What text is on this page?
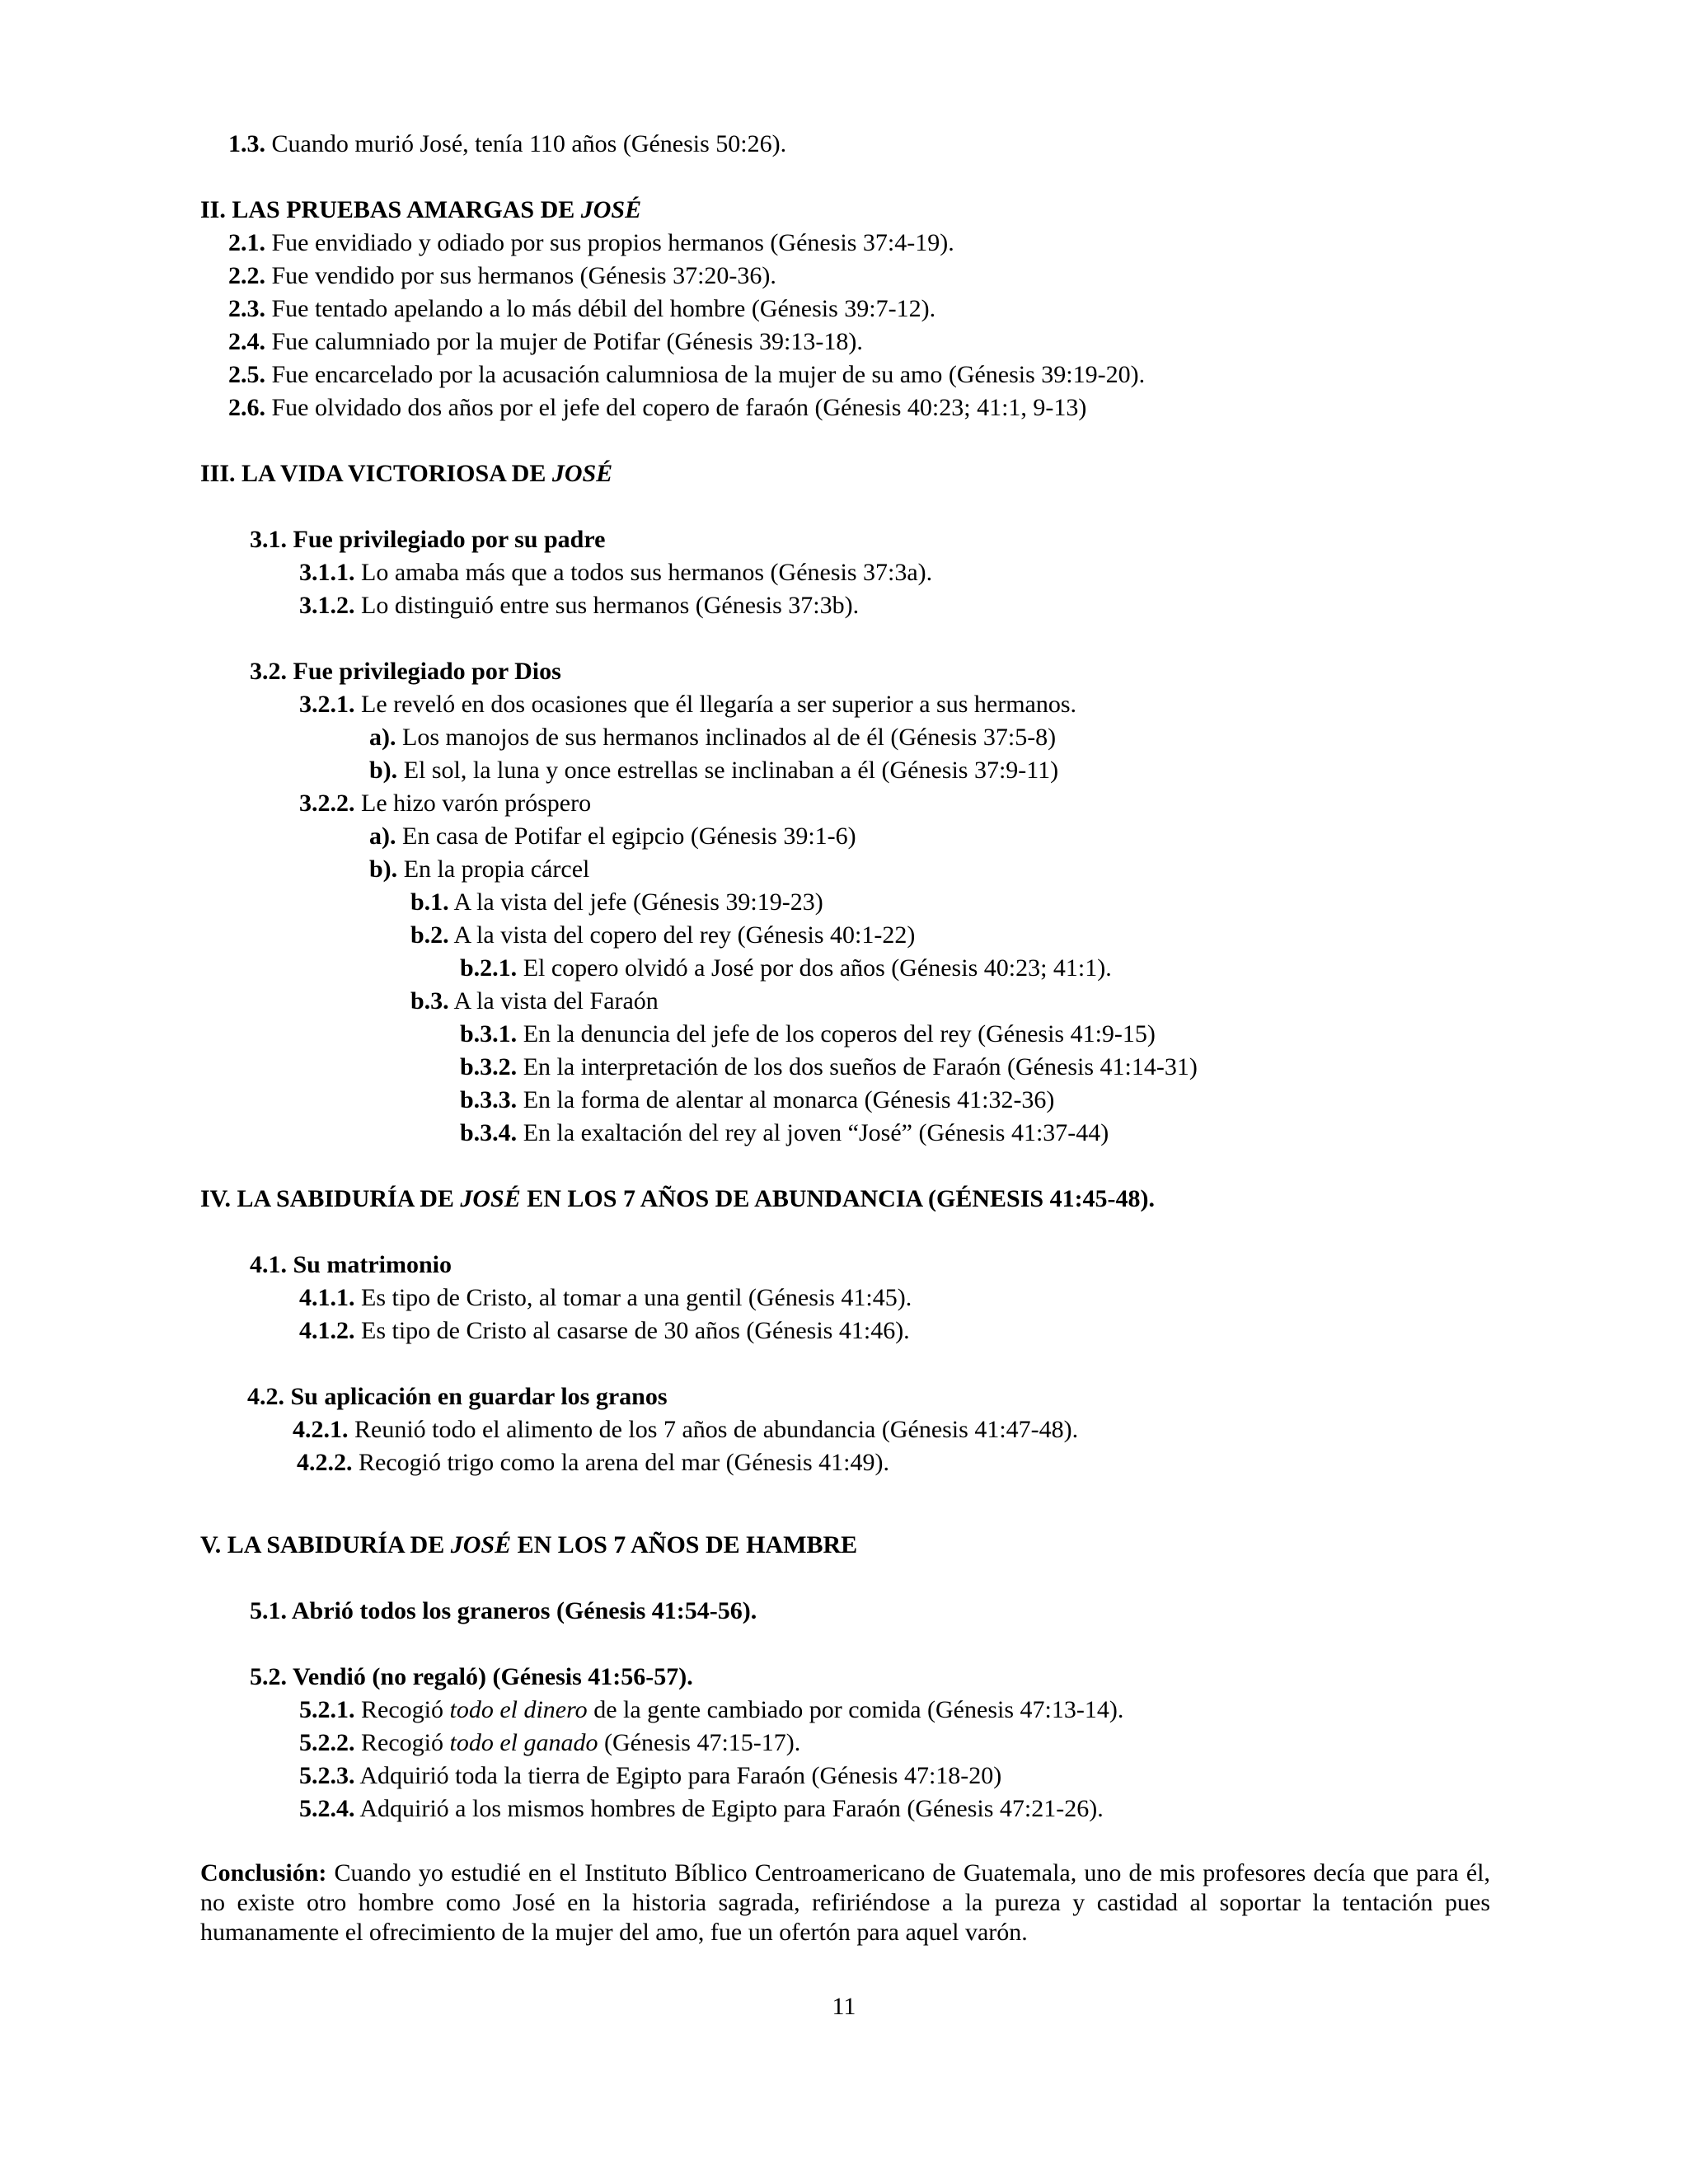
1.3. Cuando murió José, tenía 110 años (Génesis 50:26).
II. LAS PRUEBAS AMARGAS DE JOSÉ
2.1. Fue envidiado y odiado por sus propios hermanos (Génesis 37:4-19).
2.2. Fue vendido por sus hermanos (Génesis 37:20-36).
2.3. Fue tentado apelando a lo más débil del hombre (Génesis 39:7-12).
2.4. Fue calumniado por la mujer de Potifar (Génesis 39:13-18).
2.5. Fue encarcelado por la acusación calumniosa de la mujer de su amo (Génesis 39:19-20).
2.6. Fue olvidado dos años por el jefe del copero de faraón (Génesis 40:23; 41:1, 9-13)
III. LA VIDA VICTORIOSA DE JOSÉ
3.1. Fue privilegiado por su padre
3.1.1. Lo amaba más que a todos sus hermanos (Génesis 37:3a).
3.1.2. Lo distinguió entre sus hermanos (Génesis 37:3b).
3.2. Fue privilegiado por Dios
3.2.1. Le reveló en dos ocasiones que él llegaría a ser superior a sus hermanos.
a). Los manojos de sus hermanos inclinados al de él (Génesis 37:5-8)
b). El sol, la luna y once estrellas se inclinaban a él (Génesis 37:9-11)
3.2.2. Le hizo varón próspero
a). En casa de Potifar el egipcio (Génesis 39:1-6)
b). En la propia cárcel
b.1. A la vista del jefe (Génesis 39:19-23)
b.2. A la vista del copero del rey (Génesis 40:1-22)
b.2.1. El copero olvidó a José por dos años (Génesis 40:23; 41:1).
b.3. A la vista del Faraón
b.3.1. En la denuncia del jefe de los coperos del rey (Génesis 41:9-15)
b.3.2. En la interpretación de los dos sueños de Faraón (Génesis 41:14-31)
b.3.3. En la forma de alentar al monarca (Génesis 41:32-36)
b.3.4. En la exaltación del rey al joven “José” (Génesis 41:37-44)
IV. LA SABIDURÍA DE JOSÉ EN LOS 7 AÑOS DE ABUNDANCIA (GÉNESIS 41:45-48).
4.1. Su matrimonio
4.1.1. Es tipo de Cristo, al tomar a una gentil (Génesis 41:45).
4.1.2. Es tipo de Cristo al casarse de 30 años (Génesis 41:46).
4.2. Su aplicación en guardar los granos
4.2.1. Reunió todo el alimento de los 7 años de abundancia (Génesis 41:47-48).
4.2.2. Recogió trigo como la arena del mar (Génesis 41:49).
V. LA SABIDURÍA DE JOSÉ EN LOS 7 AÑOS DE HAMBRE
5.1. Abrió todos los graneros (Génesis 41:54-56).
5.2. Vendió (no regaló) (Génesis 41:56-57).
5.2.1. Recogió todo el dinero de la gente cambiado por comida (Génesis 47:13-14).
5.2.2. Recogió todo el ganado (Génesis 47:15-17).
5.2.3. Adquirió toda la tierra de Egipto para Faraón (Génesis 47:18-20)
5.2.4. Adquirió a los mismos hombres de Egipto para Faraón (Génesis 47:21-26).
Conclusión: Cuando yo estudié en el Instituto Bíblico Centroamericano de Guatemala, uno de mis profesores decía que para él, no existe otro hombre como José en la historia sagrada, refiriéndose a la pureza y castidad al soportar la tentación pues humanamente el ofrecimiento de la mujer del amo, fue un ofertón para aquel varón.
11
